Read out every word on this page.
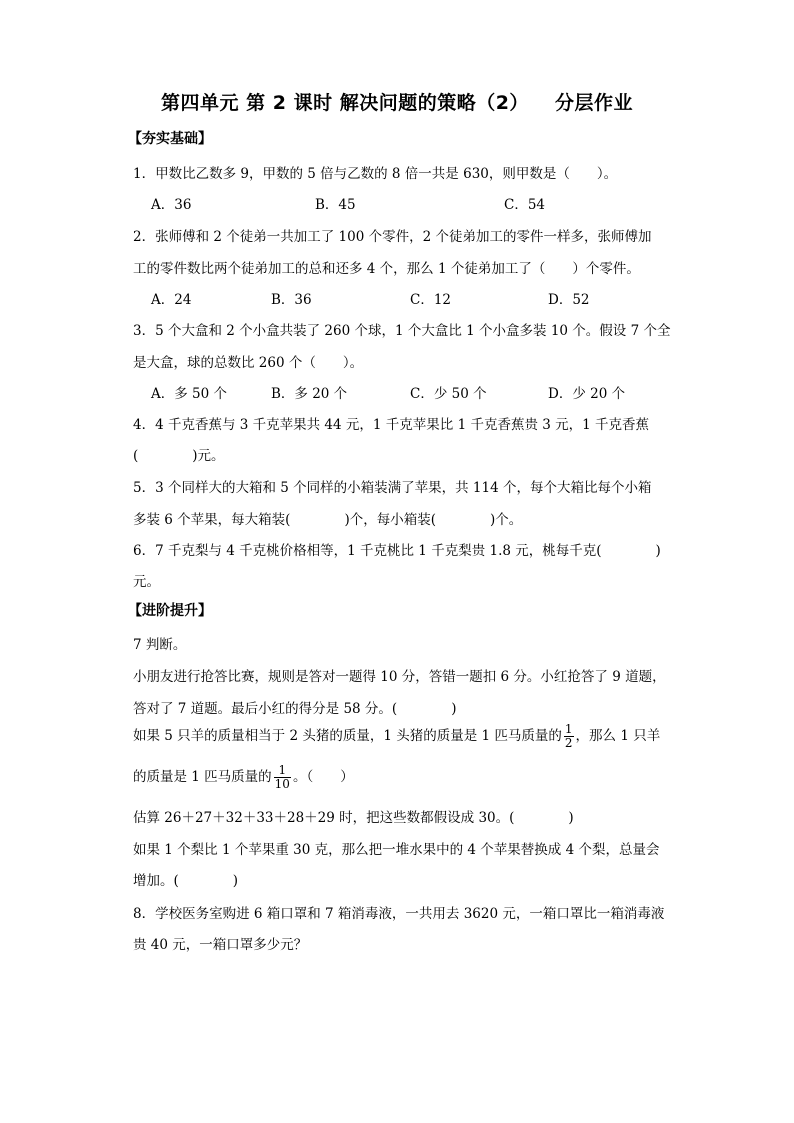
第四单元 第 2 课时 解决问题的策略（2） 分层作业
【夯实基础】
1．甲数比乙数多 9，甲数的 5 倍与乙数的 8 倍一共是 630，则甲数是（　　）。
A．36	B．45	C．54
2．张师傅和 2 个徒弟一共加工了 100 个零件，2 个徒弟加工的零件一样多，张师傅加
工的零件数比两个徒弟加工的总和还多 4 个，那么 1 个徒弟加工了（　　）个零件。
A．24	B．36	C．12	D．52
3．5 个大盒和 2 个小盒共装了 260 个球，1 个大盒比 1 个小盒多装 10 个。假设 7 个全
是大盒，球的总数比 260 个（　　）。
A．多 50 个	B．多 20 个	C．少 50 个	D．少 20 个
4．4 千克香蕉与 3 千克苹果共 44 元，1 千克苹果比 1 千克香蕉贵 3 元，1 千克香蕉
(　　　　)元。
5．3 个同样大的大箱和 5 个同样的小箱装满了苹果，共 114 个，每个大箱比每个小箱
多装 6 个苹果，每大箱装(　　　　)个，每小箱装(　　　　)个。
6．7 千克梨与 4 千克桃价格相等，1 千克桃比 1 千克梨贵 1.8 元，桃每千克(　　　　)
元。
【进阶提升】
7 判断。
小朋友进行抢答比赛，规则是答对一题得 10 分，答错一题扣 6 分。小红抢答了 9 道题，
答对了 7 道题。最后小红的得分是 58 分。(　　　　)
如果 5 只羊的质量相当于 2 头猪的质量，1 头猪的质量是 1 匹马质量的 $\frac{1}{2}$ ，那么 1 只羊
的质量是 1 匹马质量的 $\frac{1}{10}$ 。（　　）
估算 26＋27＋32＋33＋28＋29 时，把这些数都假设成 30。(　　　　)
如果 1 个梨比 1 个苹果重 30 克，那么把一堆水果中的 4 个苹果替换成 4 个梨，总量会
增加。(　　　　)
8．学校医务室购进 6 箱口罩和 7 箱消毒液，一共用去 3620 元，一箱口罩比一箱消毒液
贵 40 元，一箱口罩多少元？
